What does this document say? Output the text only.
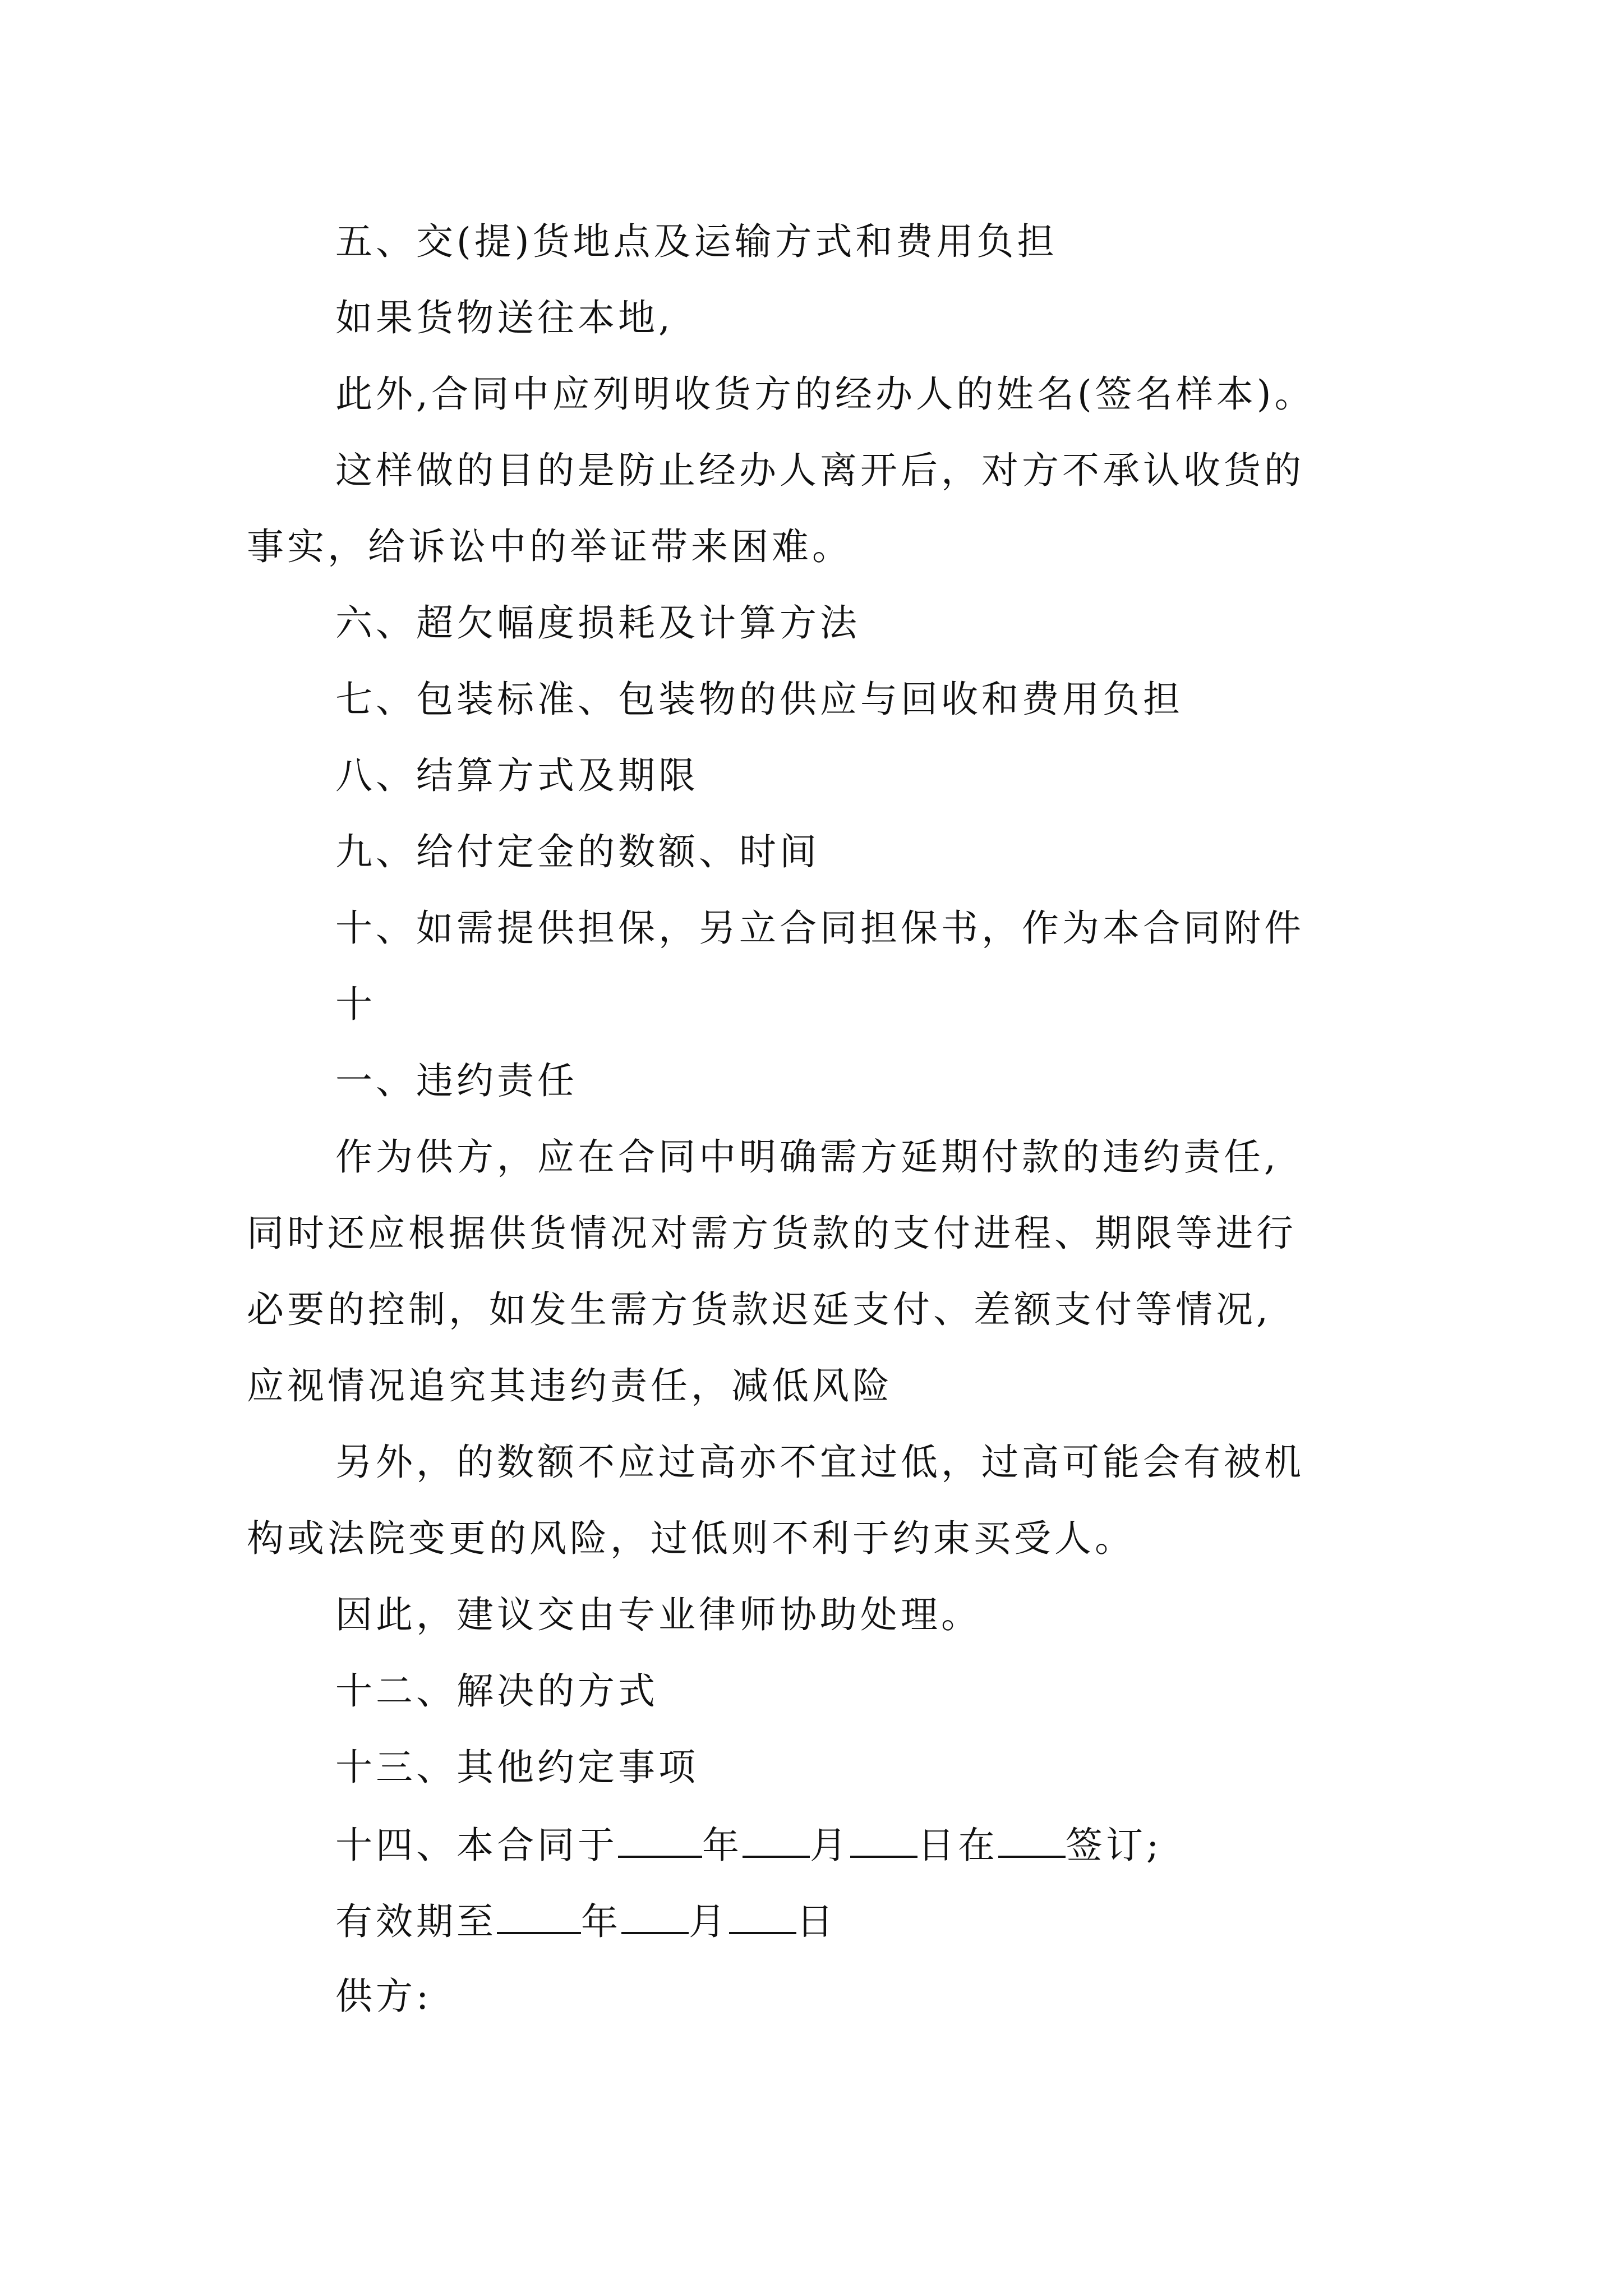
五、交(提)货地点及运输方式和费用负担
如果货物送往本地,
此外,合同中应列明收货方的经办人的姓名(签名样本)。
这样做的目的是防止经办人离开后，对方不承认收货的
事实，给诉讼中的举证带来困难。
六、超欠幅度损耗及计算方法
七、包装标准、包装物的供应与回收和费用负担
八、结算方式及期限
九、给付定金的数额、时间
十、如需提供担保，另立合同担保书，作为本合同附件
十
一、违约责任
作为供方，应在合同中明确需方延期付款的违约责任,
同时还应根据供货情况对需方货款的支付进程、期限等进行
必要的控制，如发生需方货款迟延支付、差额支付等情况,
应视情况追究其违约责任，减低风险
另外，的数额不应过高亦不宜过低，过高可能会有被机
构或法院变更的风险，过低则不利于约束买受人。
因此，建议交由专业律师协助处理。
十二、解决的方式
十三、其他约定事项
十四、本合同于 年 月 日在 签订;
有效期至 年 月 日
供方:
